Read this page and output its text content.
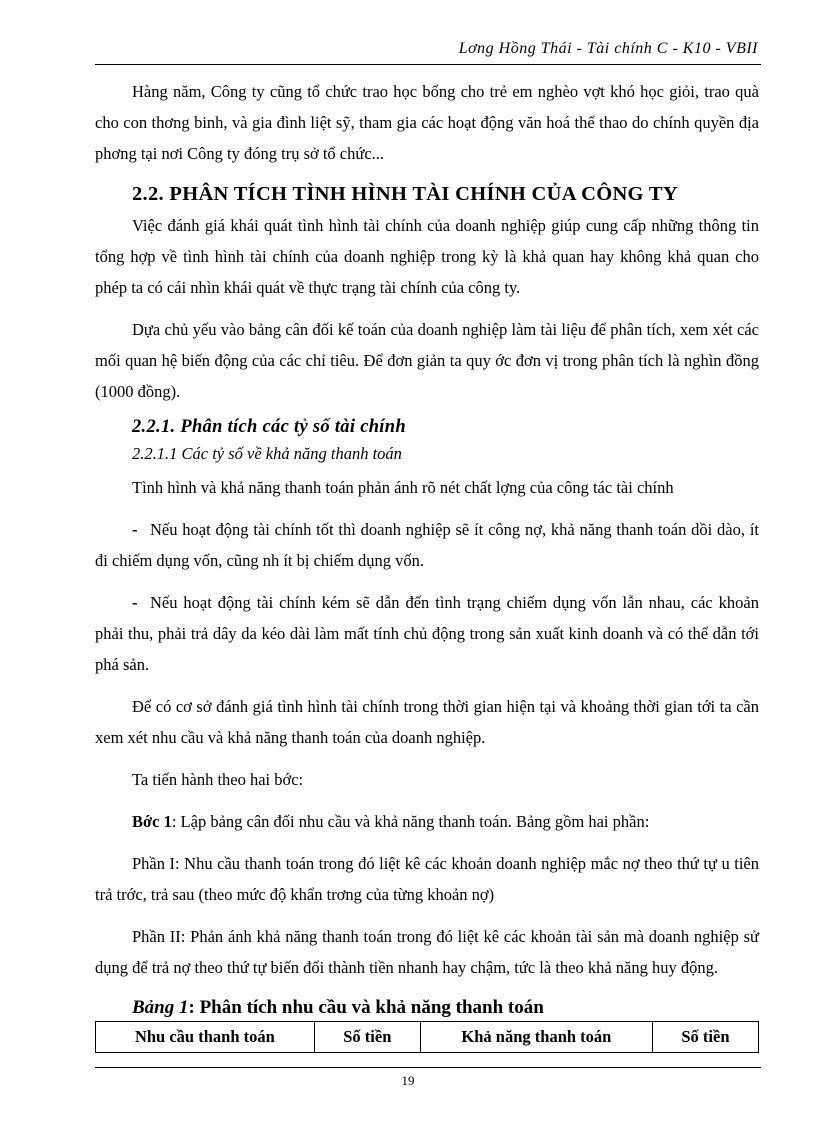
Lơng Hồng Thái - Tài chính C - K10 - VBII

Hàng năm, Công ty cũng tổ chức trao học bổng cho trẻ em nghèo vợt khó học giỏi, trao quà cho con thơng binh, và gia đình liệt sỹ, tham gia các hoạt động văn hoá thể thao do chính quyền địa phơng tại nơi Công ty đóng trụ sở tổ chức...

2.2. PHÂN TÍCH TÌNH HÌNH TÀI CHÍNH CỦA CÔNG TY

Việc đánh giá khái quát tình hình tài chính của doanh nghiệp giúp cung cấp những thông tin tổng hợp về tình hình tài chính của doanh nghiệp trong kỳ là khả quan hay không khả quan cho phép ta có cái nhìn khái quát về thực trạng tài chính của công ty.

Dựa chủ yếu vào bảng cân đối kế toán của doanh nghiệp làm tài liệu để phân tích, xem xét các mối quan hệ biến động của các chỉ tiêu. Để đơn giản ta quy ớc đơn vị trong phân tích là nghìn đồng (1000 đồng).

2.2.1. Phân tích các tỷ số tài chính
2.2.1.1 Các tỷ số về khả năng thanh toán

Tình hình và khả năng thanh toán phản ánh rõ nét chất lợng của công tác tài chính

- Nếu hoạt động tài chính tốt thì doanh nghiệp sẽ ít công nợ, khả năng thanh toán dồi dào, ít đi chiếm dụng vốn, cũng nh ít bị chiếm dụng vốn.

- Nếu hoạt động tài chính kém sẽ dẫn đến tình trạng chiếm dụng vốn lẫn nhau, các khoản phải thu, phải trả dây da kéo dài làm mất tính chủ động trong sản xuất kinh doanh và có thể dẫn tới phá sản.

Để có cơ sở đánh giá tình hình tài chính trong thời gian hiện tại và khoảng thời gian tới ta cần xem xét nhu cầu và khả năng thanh toán của doanh nghiệp.

Ta tiến hành theo hai bớc:

Bớc 1: Lập bảng cân đối nhu cầu và khả năng thanh toán. Bảng gồm hai phần:

Phần I: Nhu cầu thanh toán trong đó liệt kê các khoản doanh nghiệp mắc nợ theo thứ tự u tiên trả trớc, trả sau (theo mức độ khẩn trơng của từng khoản nợ)

Phần II: Phản ánh khả năng thanh toán trong đó liệt kê các khoản tài sản mà doanh nghiệp sử dụng để trả nợ theo thứ tự biến đổi thành tiền nhanh hay chậm, tức là theo khả năng huy động.

Bảng 1: Phân tích nhu cầu và khả năng thanh toán
Nhu cầu thanh toán	Số tiền	Khả năng thanh toán	Số tiền
19
